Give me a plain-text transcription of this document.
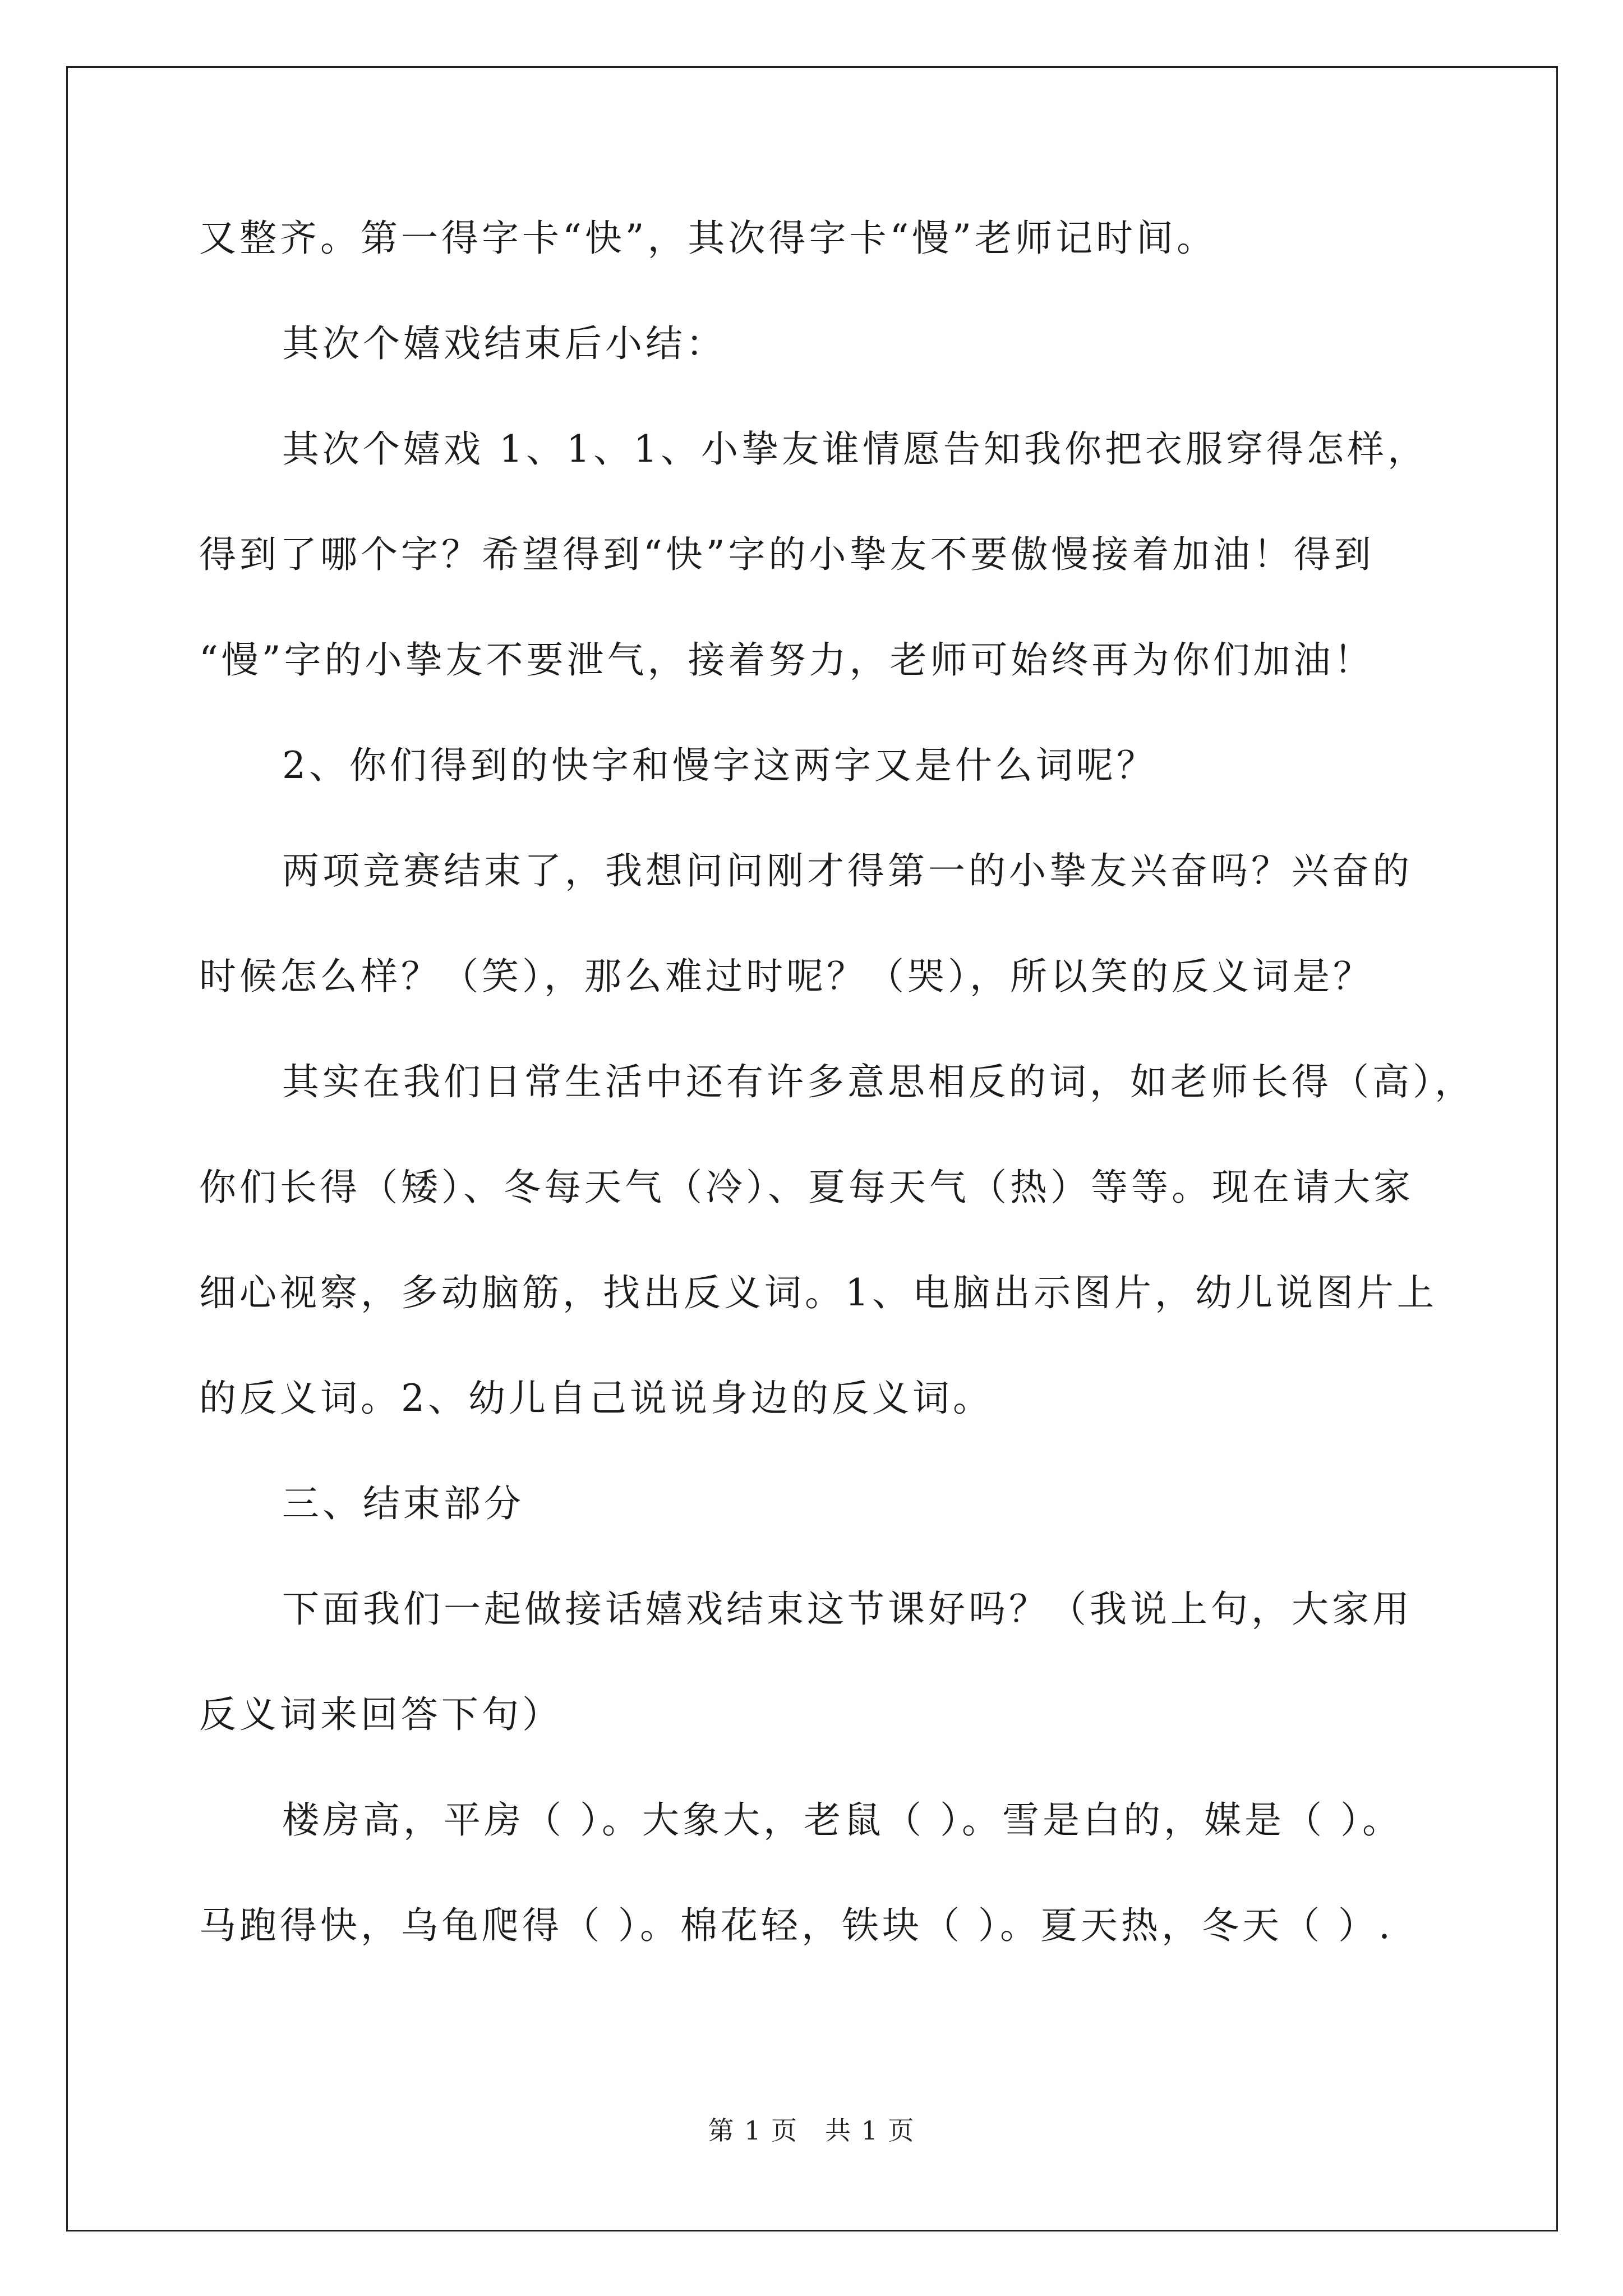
又整齐。第一得字卡“快”，其次得字卡“慢”老师记时间。
其次个嬉戏结束后小结：
其次个嬉戏 1、1、1、小挚友谁情愿告知我你把衣服穿得怎样，
得到了哪个字？希望得到“快”字的小挚友不要傲慢接着加油！得到
“慢”字的小挚友不要泄气，接着努力，老师可始终再为你们加油！
2、你们得到的快字和慢字这两字又是什么词呢？
两项竞赛结束了，我想问问刚才得第一的小挚友兴奋吗？兴奋的
时候怎么样？（笑），那么难过时呢？（哭），所以笑的反义词是？
其实在我们日常生活中还有许多意思相反的词，如老师长得（高），
你们长得（矮）、冬每天气（冷）、夏每天气（热）等等。现在请大家
细心视察，多动脑筋，找出反义词。1、电脑出示图片，幼儿说图片上
的反义词。2、幼儿自己说说身边的反义词。
三、结束部分
下面我们一起做接话嬉戏结束这节课好吗？（我说上句，大家用
反义词来回答下句）
楼房高，平房（ ）。大象大，老鼠（ ）。雪是白的，媒是（ ）。
马跑得快，乌龟爬得（ ）。棉花轻，铁块（ ）。夏天热，冬天（ ）.
第 1 页　共 1 页
